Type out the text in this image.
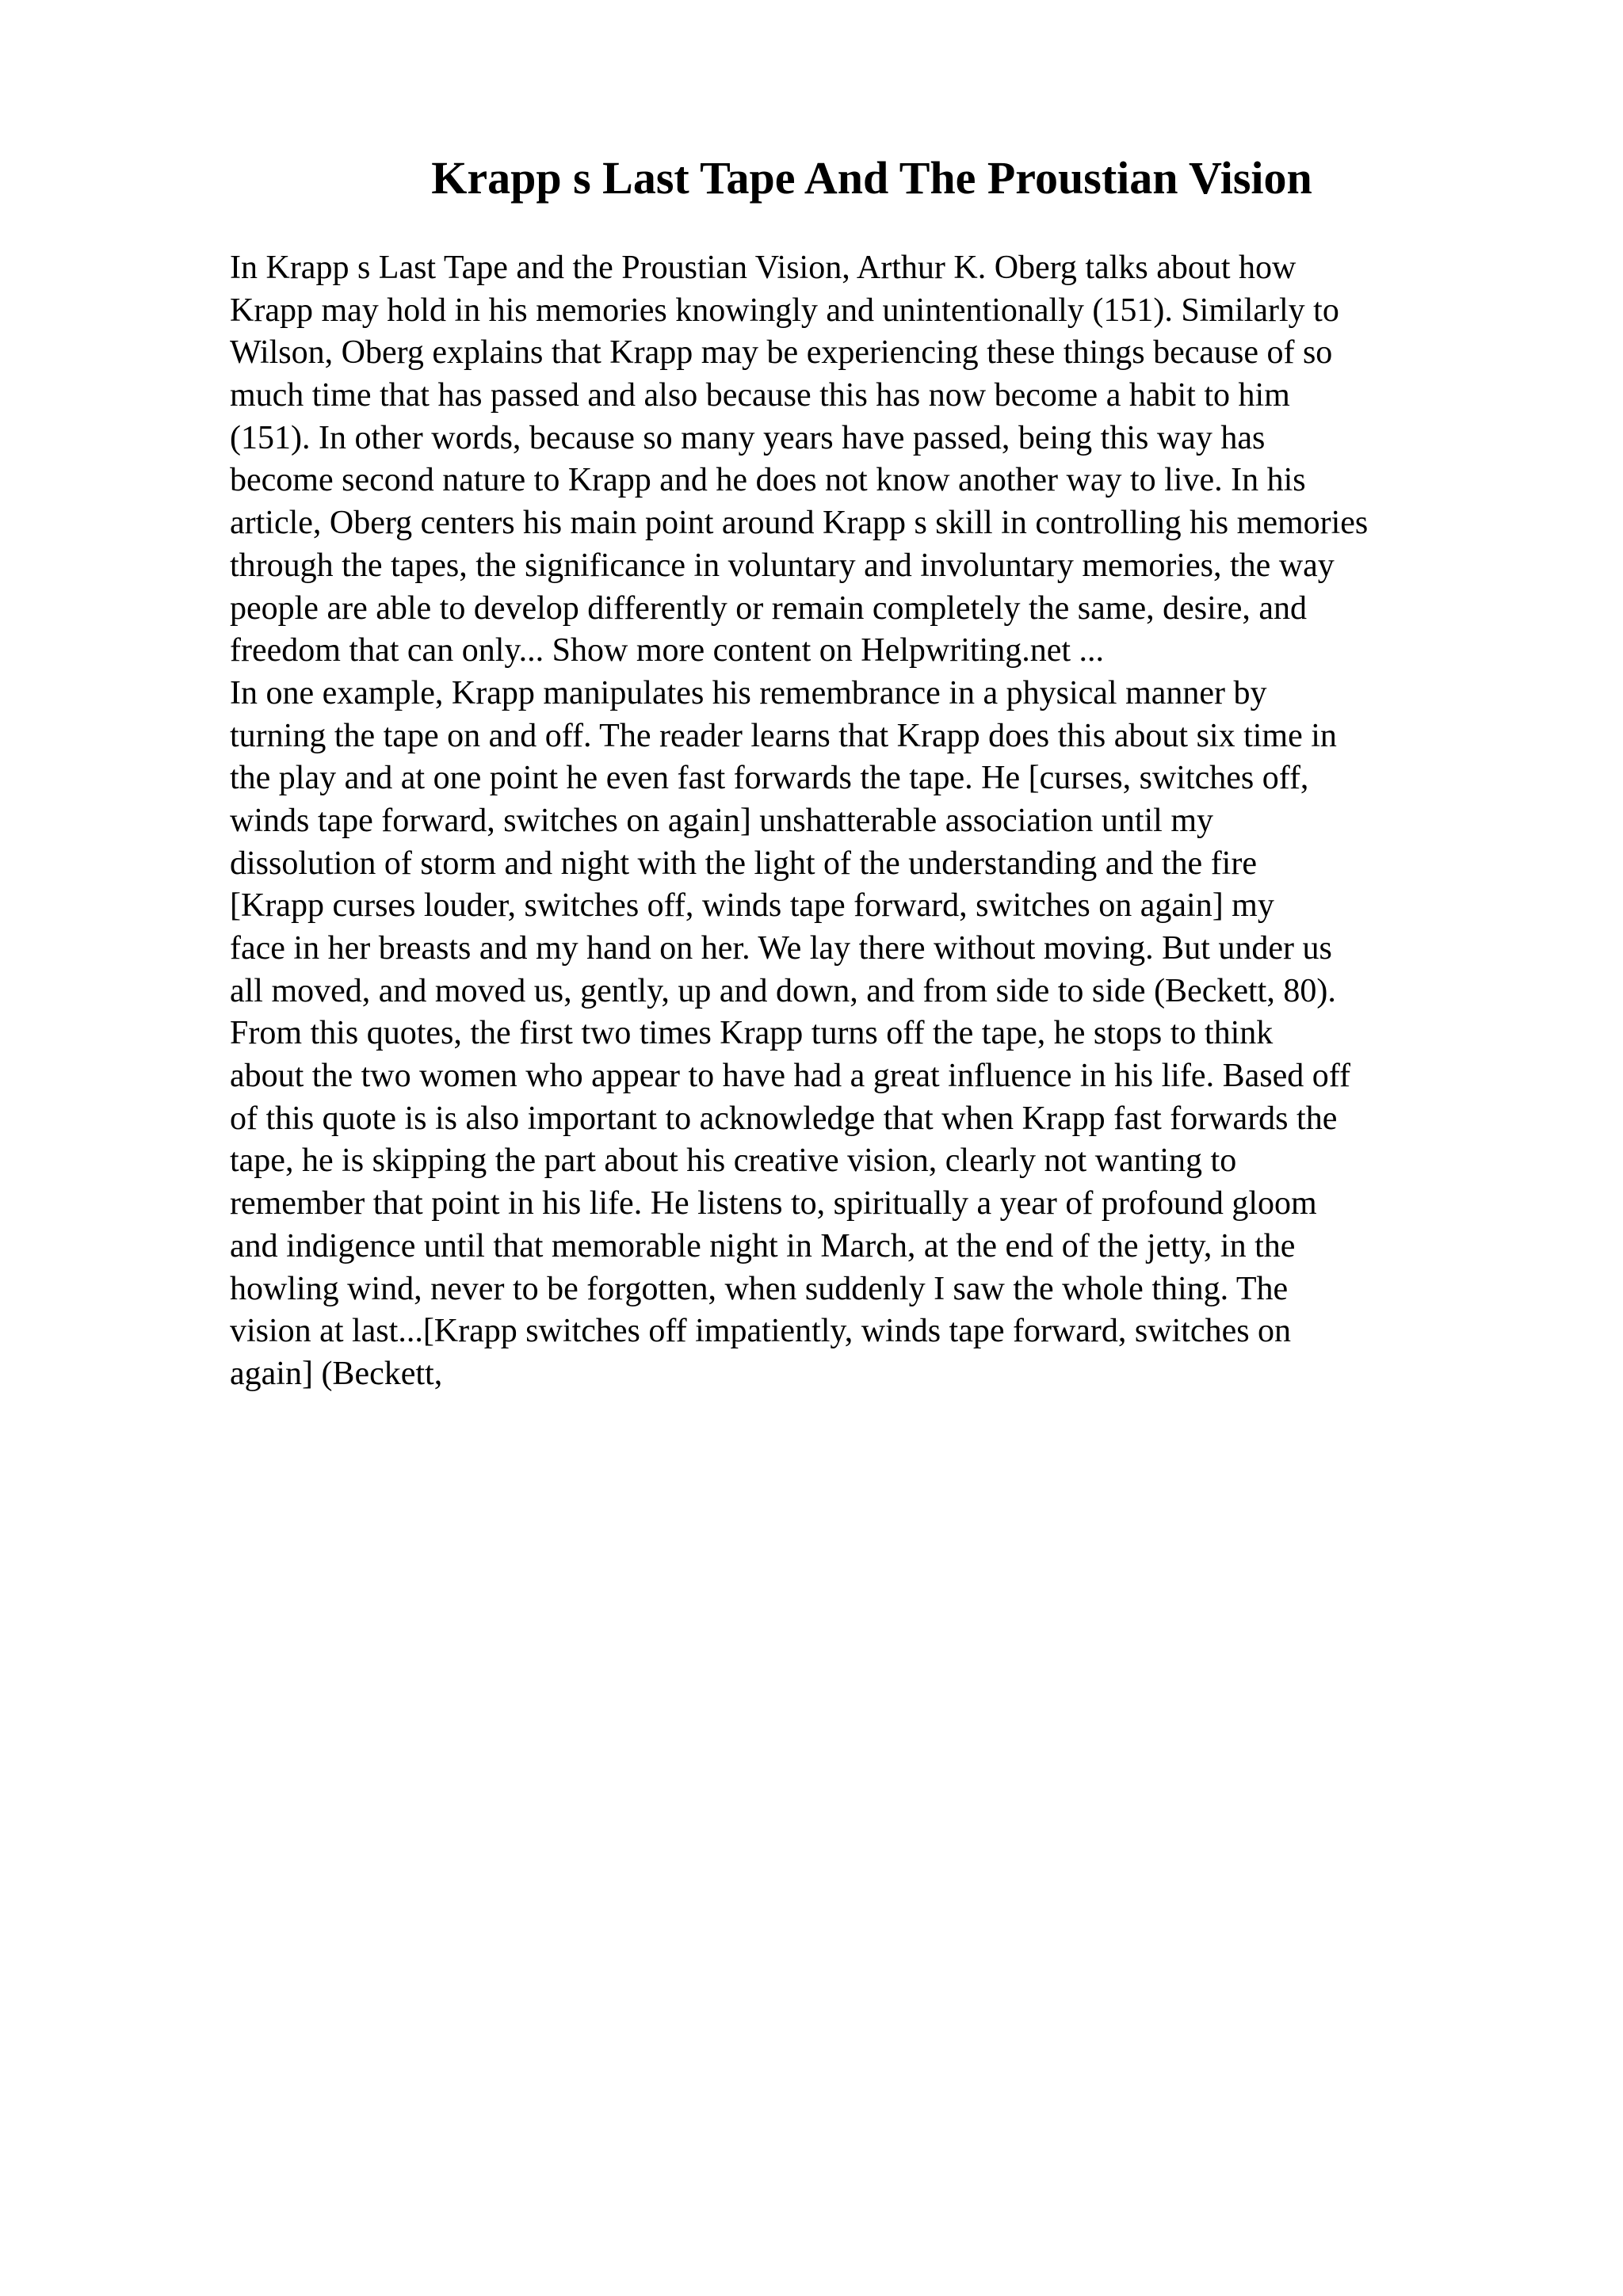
Krapp s Last Tape And The Proustian Vision
In Krapp s Last Tape and the Proustian Vision, Arthur K. Oberg talks about how
Krapp may hold in his memories knowingly and unintentionally (151). Similarly to
Wilson, Oberg explains that Krapp may be experiencing these things because of so
much time that has passed and also because this has now become a habit to him
(151). In other words, because so many years have passed, being this way has
become second nature to Krapp and he does not know another way to live. In his
article, Oberg centers his main point around Krapp s skill in controlling his memories
through the tapes, the significance in voluntary and involuntary memories, the way
people are able to develop differently or remain completely the same, desire, and
freedom that can only... Show more content on Helpwriting.net ...
In one example, Krapp manipulates his remembrance in a physical manner by
turning the tape on and off. The reader learns that Krapp does this about six time in
the play and at one point he even fast forwards the tape. He [curses, switches off,
winds tape forward, switches on again] unshatterable association until my
dissolution of storm and night with the light of the understanding and the fire
[Krapp curses louder, switches off, winds tape forward, switches on again] my
face in her breasts and my hand on her. We lay there without moving. But under us
all moved, and moved us, gently, up and down, and from side to side (Beckett, 80).
From this quotes, the first two times Krapp turns off the tape, he stops to think
about the two women who appear to have had a great influence in his life. Based off
of this quote is is also important to acknowledge that when Krapp fast forwards the
tape, he is skipping the part about his creative vision, clearly not wanting to
remember that point in his life. He listens to, spiritually a year of profound gloom
and indigence until that memorable night in March, at the end of the jetty, in the
howling wind, never to be forgotten, when suddenly I saw the whole thing. The
vision at last...[Krapp switches off impatiently, winds tape forward, switches on
again] (Beckett,
